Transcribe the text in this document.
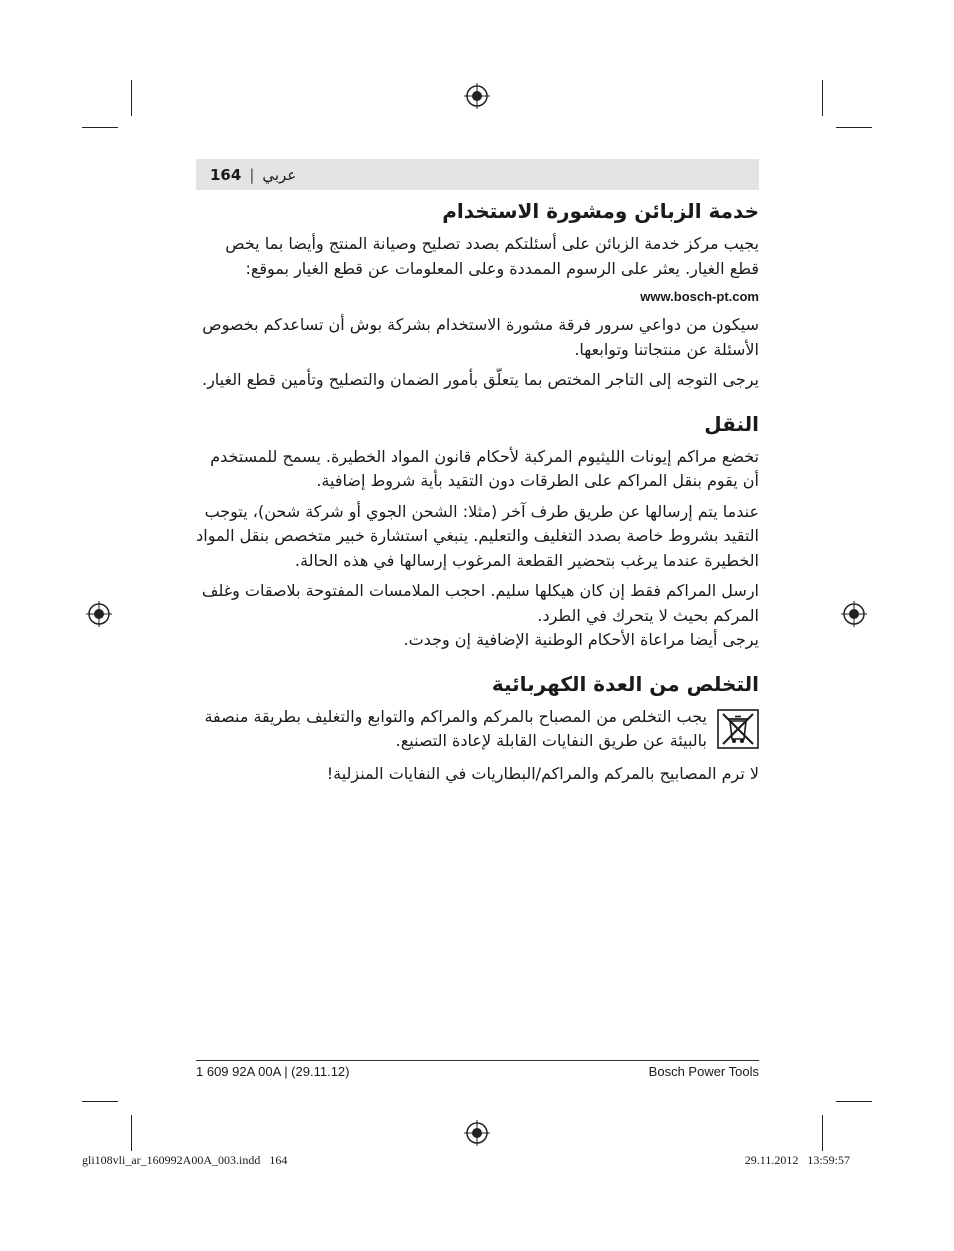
164 | عربي
خدمة الزبائن ومشورة الاستخدام

يجيب مركز خدمة الزبائن على أسئلتكم بصدد تصليح وصيانة المنتج وأيضا بما يخص قطع الغيار. يعثر على الرسوم الممددة وعلى المعلومات عن قطع الغيار بموقع:

www.bosch-pt.com

سيكون من دواعي سرور فرقة مشورة الاستخدام بشركة بوش أن تساعدكم بخصوص الأسئلة عن منتجاتنا وتوابعها.

يرجى التوجه إلى التاجر المختص بما يتعلّق بأمور الضمان والتصليح وتأمين قطع الغيار.

النقل

تخضع مراكم إيونات الليثيوم المركبة لأحكام قانون المواد الخطيرة. يسمح للمستخدم أن يقوم بنقل المراكم على الطرقات دون التقيد بأية شروط إضافية.

عندما يتم إرسالها عن طريق طرف آخر (مثلا: الشحن الجوي أو شركة شحن)، يتوجب التقيد بشروط خاصة بصدد التغليف والتعليم. ينبغي استشارة خبير متخصص بنقل المواد الخطيرة عندما يرغب بتحضير القطعة المرغوب إرسالها في هذه الحالة.

ارسل المراكم فقط إن كان هيكلها سليم. احجب الملامسات المفتوحة بلاصقات وغلف المركم بحيث لا يتحرك في الطرد.

يرجى أيضا مراعاة الأحكام الوطنية الإضافية إن وجدت.

التخلص من العدة الكهربائية

يجب التخلص من المصباح بالمركم والمراكم والتوابع والتغليف بطريقة منصفة بالبيئة عن طريق النفايات القابلة لإعادة التصنيع.

لا ترم المصابيح بالمركم والمراكم/البطاريات في النفايات المنزلية!

1 609 92A 00A | (29.11.12)	Bosch Power Tools
gli108vli_ar_160992A00A_003.indd   164	29.11.2012   13:59:57
